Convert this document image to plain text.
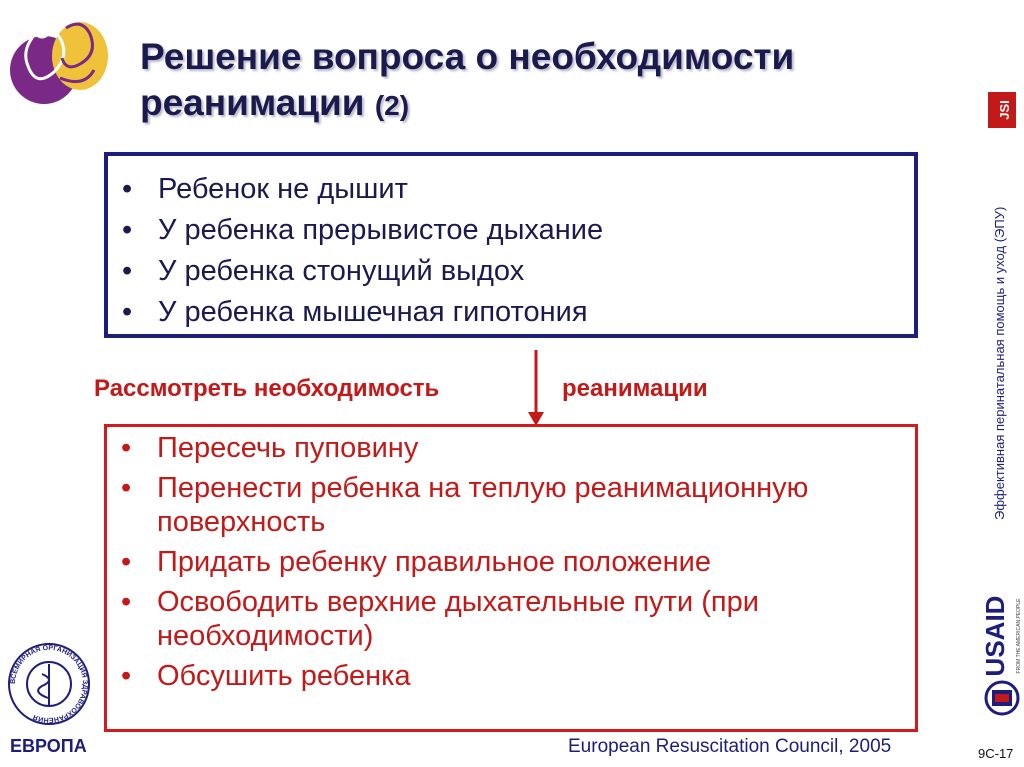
Решение вопроса о необходимости реанимации (2)
• Ребенок не дышит
• У ребенка прерывистое дыхание
• У ребенка стонущий выдох
• У ребенка мышечная гипотония
Рассмотреть необходимость	реанимации
• Пересечь пуповину
• Перенести ребенка на теплую реанимационную поверхность
• Придать ребенку правильное положение
• Освободить верхние дыхательные пути (при необходимости)
• Обсушить ребенка
JSI
Эффективная перинатальная помощь и уход (ЭПУ)
USAID FROM THE AMERICAN PEOPLE
ВСЕМИРНАЯ ОРГАНИЗАЦИЯ ЗДРАВООХРАНЕНИЯ
ЕВРОПА	European Resuscitation Council, 2005	9C-17
